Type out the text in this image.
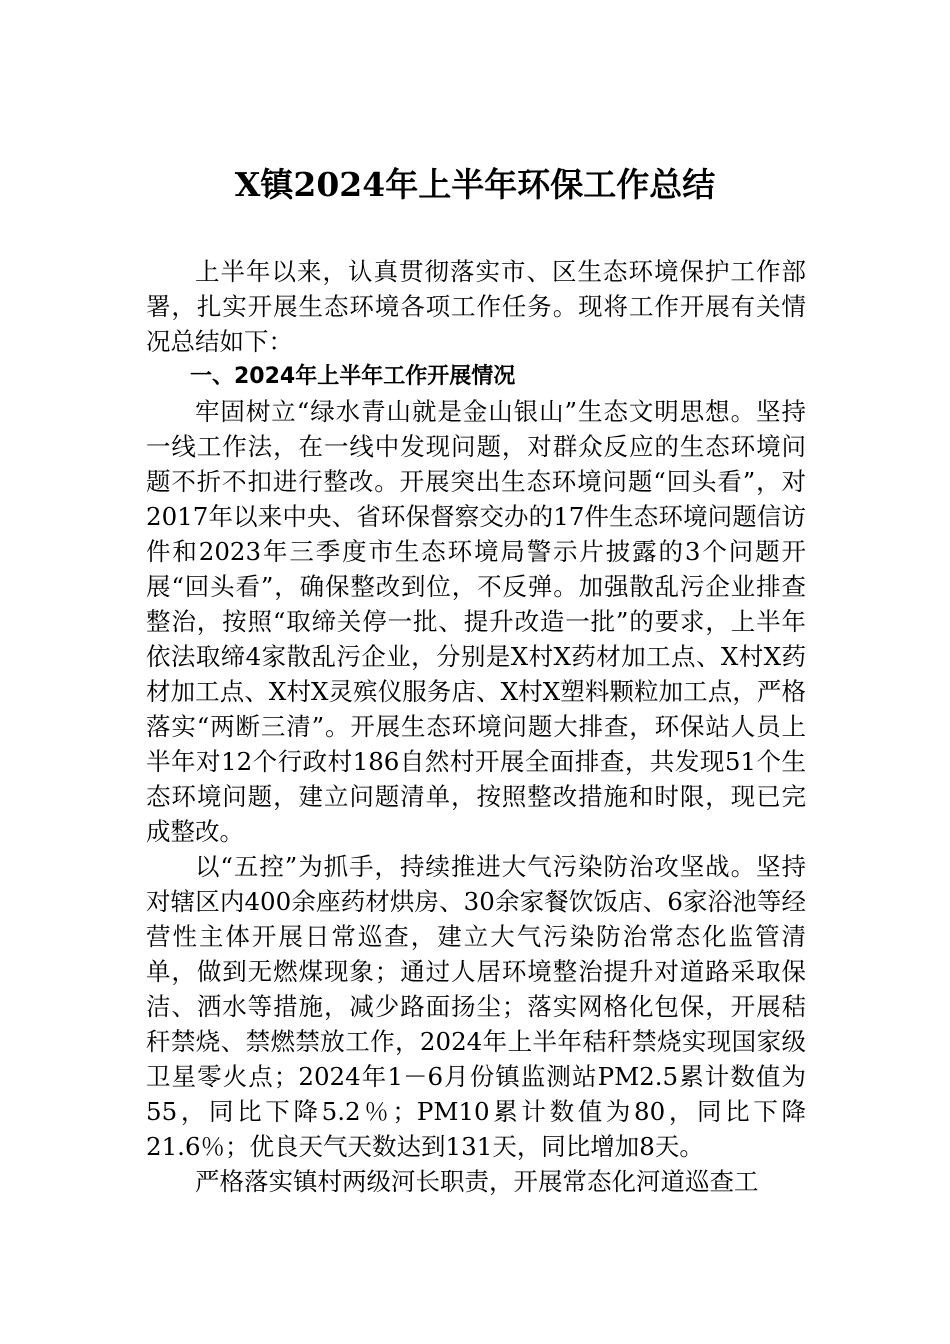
X镇2024年上半年环保工作总结

上半年以来，认真贯彻落实市、区生态环境保护工作部署，扎实开展生态环境各项工作任务。现将工作开展有关情况总结如下：

一、2024年上半年工作开展情况

牢固树立“绿水青山就是金山银山”生态文明思想。坚持一线工作法，在一线中发现问题，对群众反应的生态环境问题不折不扣进行整改。开展突出生态环境问题“回头看”，对2017年以来中央、省环保督察交办的17件生态环境问题信访件和2023年三季度市生态环境局警示片披露的3个问题开展“回头看”，确保整改到位，不反弹。加强散乱污企业排查整治，按照“取缔关停一批、提升改造一批”的要求，上半年依法取缔4家散乱污企业，分别是X村X药材加工点、X村X药材加工点、X村X灵殡仪服务店、X村X塑料颗粒加工点，严格落实“两断三清”。开展生态环境问题大排查，环保站人员上半年对12个行政村186自然村开展全面排查，共发现51个生态环境问题，建立问题清单，按照整改措施和时限，现已完成整改。

以“五控”为抓手，持续推进大气污染防治攻坚战。坚持对辖区内400余座药材烘房、30余家餐饮饭店、6家浴池等经营性主体开展日常巡查，建立大气污染防治常态化监管清单，做到无燃煤现象；通过人居环境整治提升对道路采取保洁、洒水等措施，减少路面扬尘；落实网格化包保，开展秸秆禁烧、禁燃禁放工作，2024年上半年秸秆禁烧实现国家级卫星零火点；2024年1－6月份镇监测站PM2.5累计数值为55，同比下降5.2％；PM10累计数值为80，同比下降21.6％；优良天气天数达到131天，同比增加8天。

严格落实镇村两级河长职责，开展常态化河道巡查工
